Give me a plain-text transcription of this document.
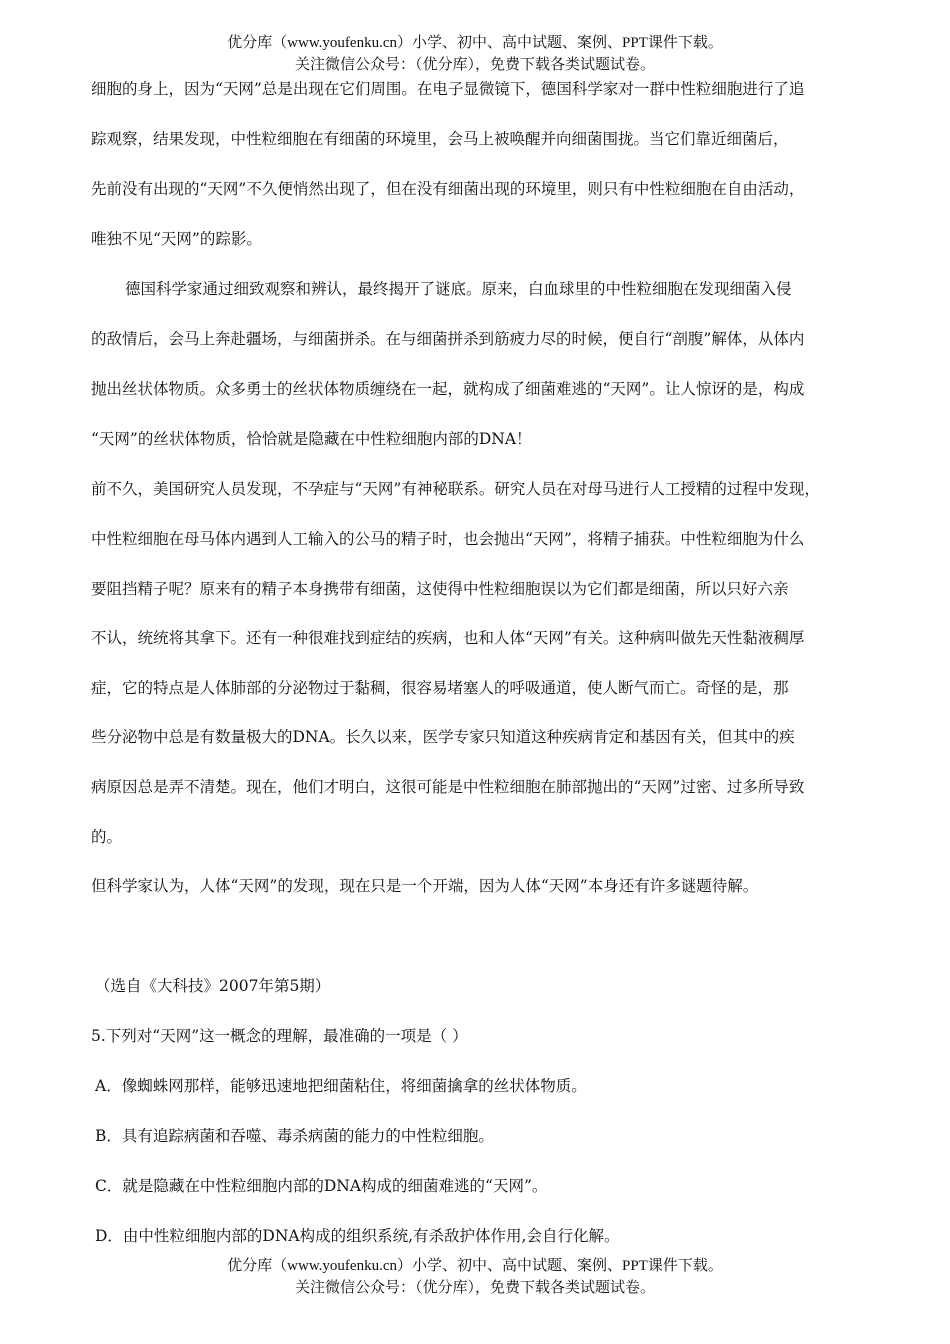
优分库（www.youfenku.cn）小学、初中、高中试题、案例、PPT课件下载。
关注微信公众号：（优分库），免费下载各类试题试卷。
细胞的身上，因为“天网”总是出现在它们周围。在电子显微镜下，德国科学家对一群中性粒细胞进行了追
踪观察，结果发现，中性粒细胞在有细菌的环境里，会马上被唤醒并向细菌围拢。当它们靠近细菌后，
先前没有出现的“天网”不久便悄然出现了，但在没有细菌出现的环境里，则只有中性粒细胞在自由活动，
唯独不见“天网”的踪影。
德国科学家通过细致观察和辨认，最终揭开了谜底。原来，白血球里的中性粒细胞在发现细菌入侵
的敌情后，会马上奔赴疆场，与细菌拼杀。在与细菌拼杀到筋疲力尽的时候，便自行“剖腹”解体，从体内
抛出丝状体物质。众多勇士的丝状体物质缠绕在一起，就构成了细菌难逃的“天网”。让人惊讶的是，构成
“天网”的丝状体物质，恰恰就是隐藏在中性粒细胞内部的DNA！
前不久，美国研究人员发现，不孕症与“天网”有神秘联系。研究人员在对母马进行人工授精的过程中发现，
中性粒细胞在母马体内遇到人工输入的公马的精子时，也会抛出“天网”，将精子捕获。中性粒细胞为什么
要阻挡精子呢？原来有的精子本身携带有细菌，这使得中性粒细胞误以为它们都是细菌，所以只好六亲
不认，统统将其拿下。还有一种很难找到症结的疾病，也和人体“天网”有关。这种病叫做先天性黏液稠厚
症，它的特点是人体肺部的分泌物过于黏稠，很容易堵塞人的呼吸通道，使人断气而亡。奇怪的是，那
些分泌物中总是有数量极大的DNA。长久以来，医学专家只知道这种疾病肯定和基因有关，但其中的疾
病原因总是弄不清楚。现在，他们才明白，这很可能是中性粒细胞在肺部抛出的“天网”过密、过多所导致
的。
但科学家认为，人体“天网”的发现，现在只是一个开端，因为人体“天网”本身还有许多谜题待解。
（选自《大科技》2007年第5期）
5.下列对“天网”这一概念的理解，最准确的一项是（ ）
A．像蜘蛛网那样，能够迅速地把细菌粘住，将细菌擒拿的丝状体物质。
B．具有追踪病菌和吞噬、毒杀病菌的能力的中性粒细胞。
C．就是隐藏在中性粒细胞内部的DNA构成的细菌难逃的“天网”。
D．由中性粒细胞内部的DNA构成的组织系统,有杀敌护体作用,会自行化解。
优分库（www.youfenku.cn）小学、初中、高中试题、案例、PPT课件下载。
关注微信公众号：（优分库），免费下载各类试题试卷。
